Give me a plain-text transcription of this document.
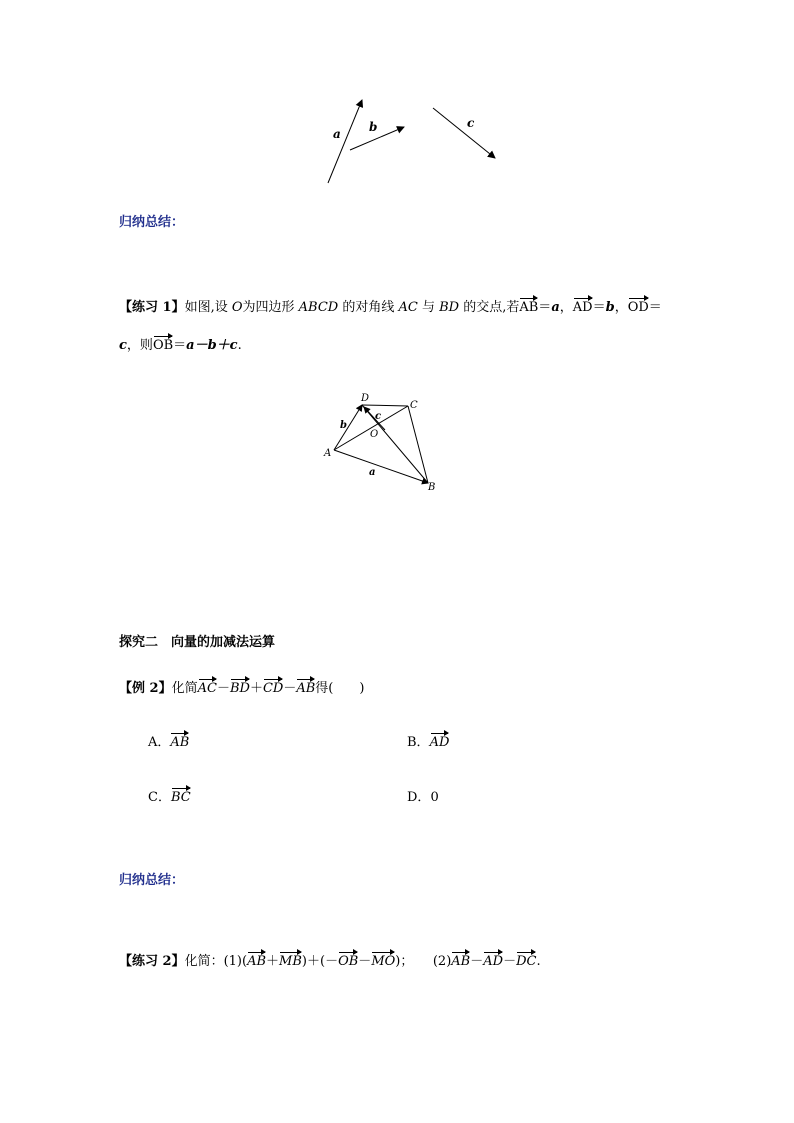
a b	c
归纳总结：
【练习 1】如图,设 O为四边形 ABCD 的对角线 AC 与 BD 的交点,若AB＝a，AD＝b，OD＝
c，则OB＝a－b＋c.
A
B
C
D
O
a
b
c
探究二　向量的加减法运算
【例 2】化简AC－BD＋CD－AB得(　　)
A．AB	B．AD
C．BC	D．0
归纳总结：
【练习 2】化简：(1)(AB＋MB)＋(－OB－MO)；　　(2)AB－AD－DC.
